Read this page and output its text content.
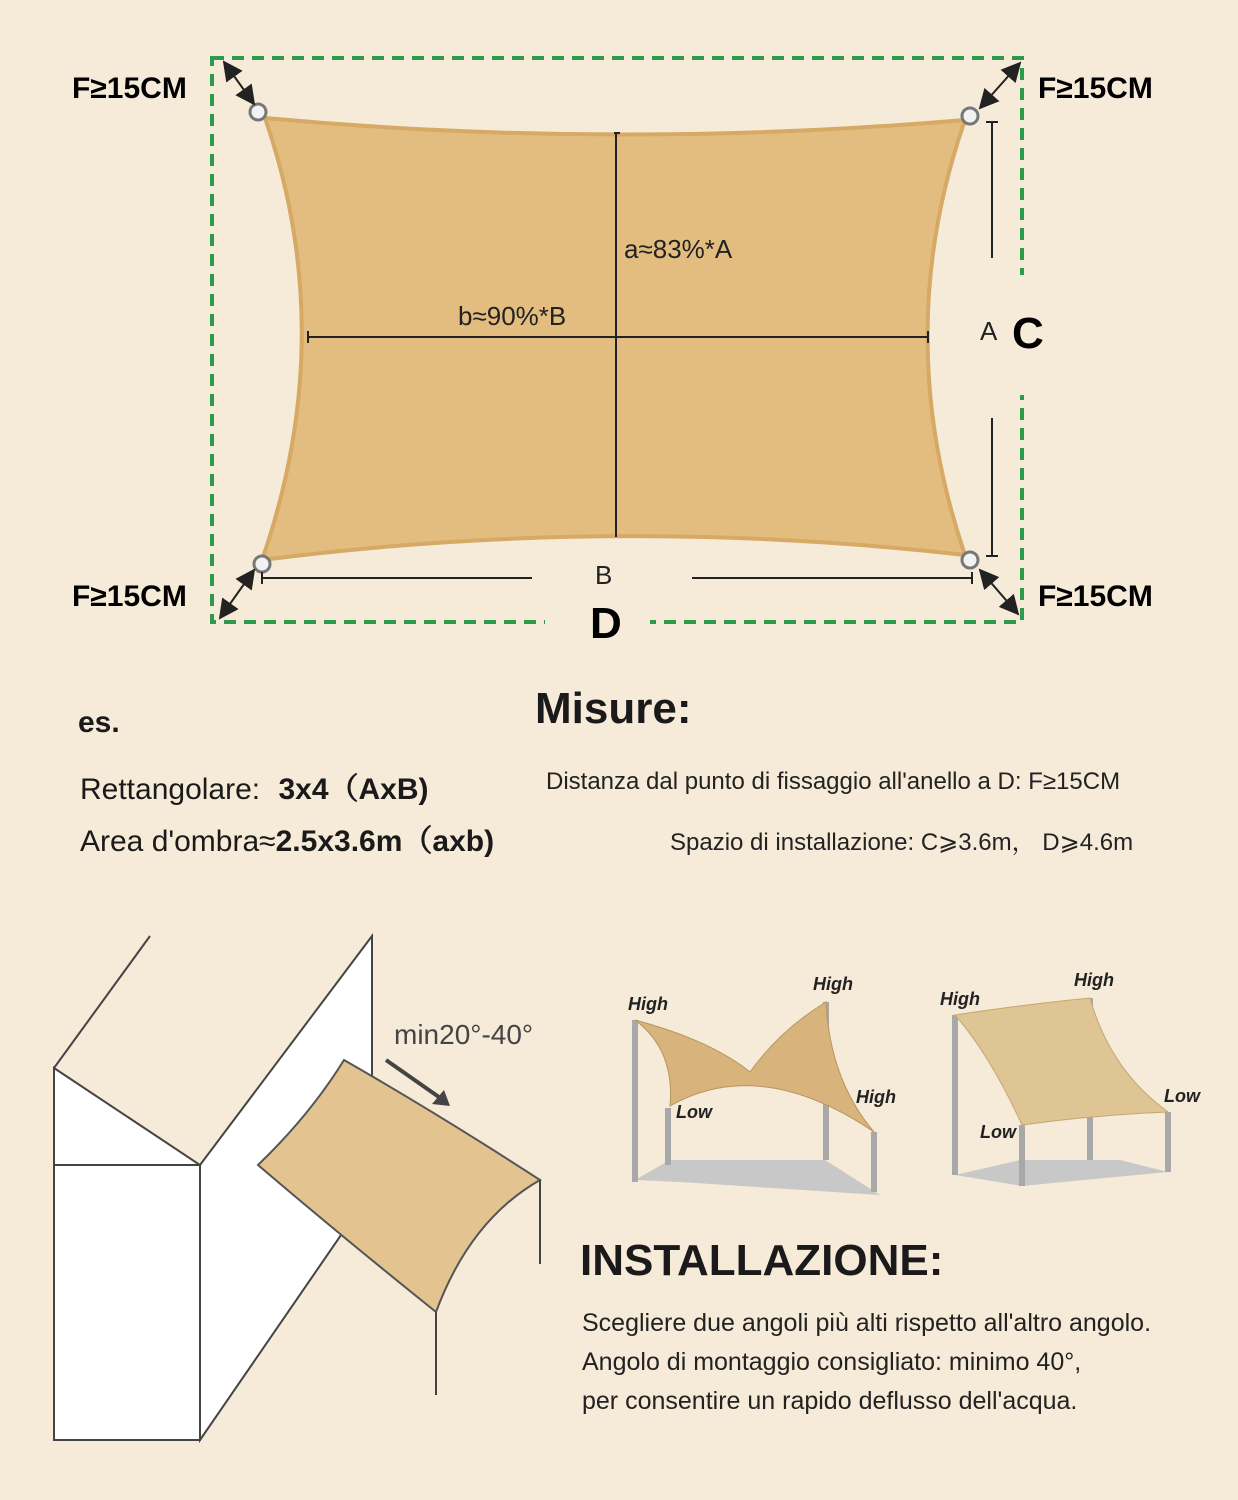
F≥15CM	F≥15CM
F≥15CM	F≥15CM
a≈83%*A
b≈90%*B	A
B
C
D
Misure:
es.
Rettangolare: 3x4（AxB)
Area d'ombra≈2.5x3.6m（axb)
Distanza dal punto di fissaggio all'anello a D: F≥15CM
Spazio di installazione: C⩾3.6m， D⩾4.6m
min20°-40°
High
High
High
Low
High
High
Low
Low
INSTALLAZIONE:
Scegliere due angoli più alti rispetto all'altro angolo.
Angolo di montaggio consigliato: minimo 40°,
per consentire un rapido deflusso dell'acqua.
